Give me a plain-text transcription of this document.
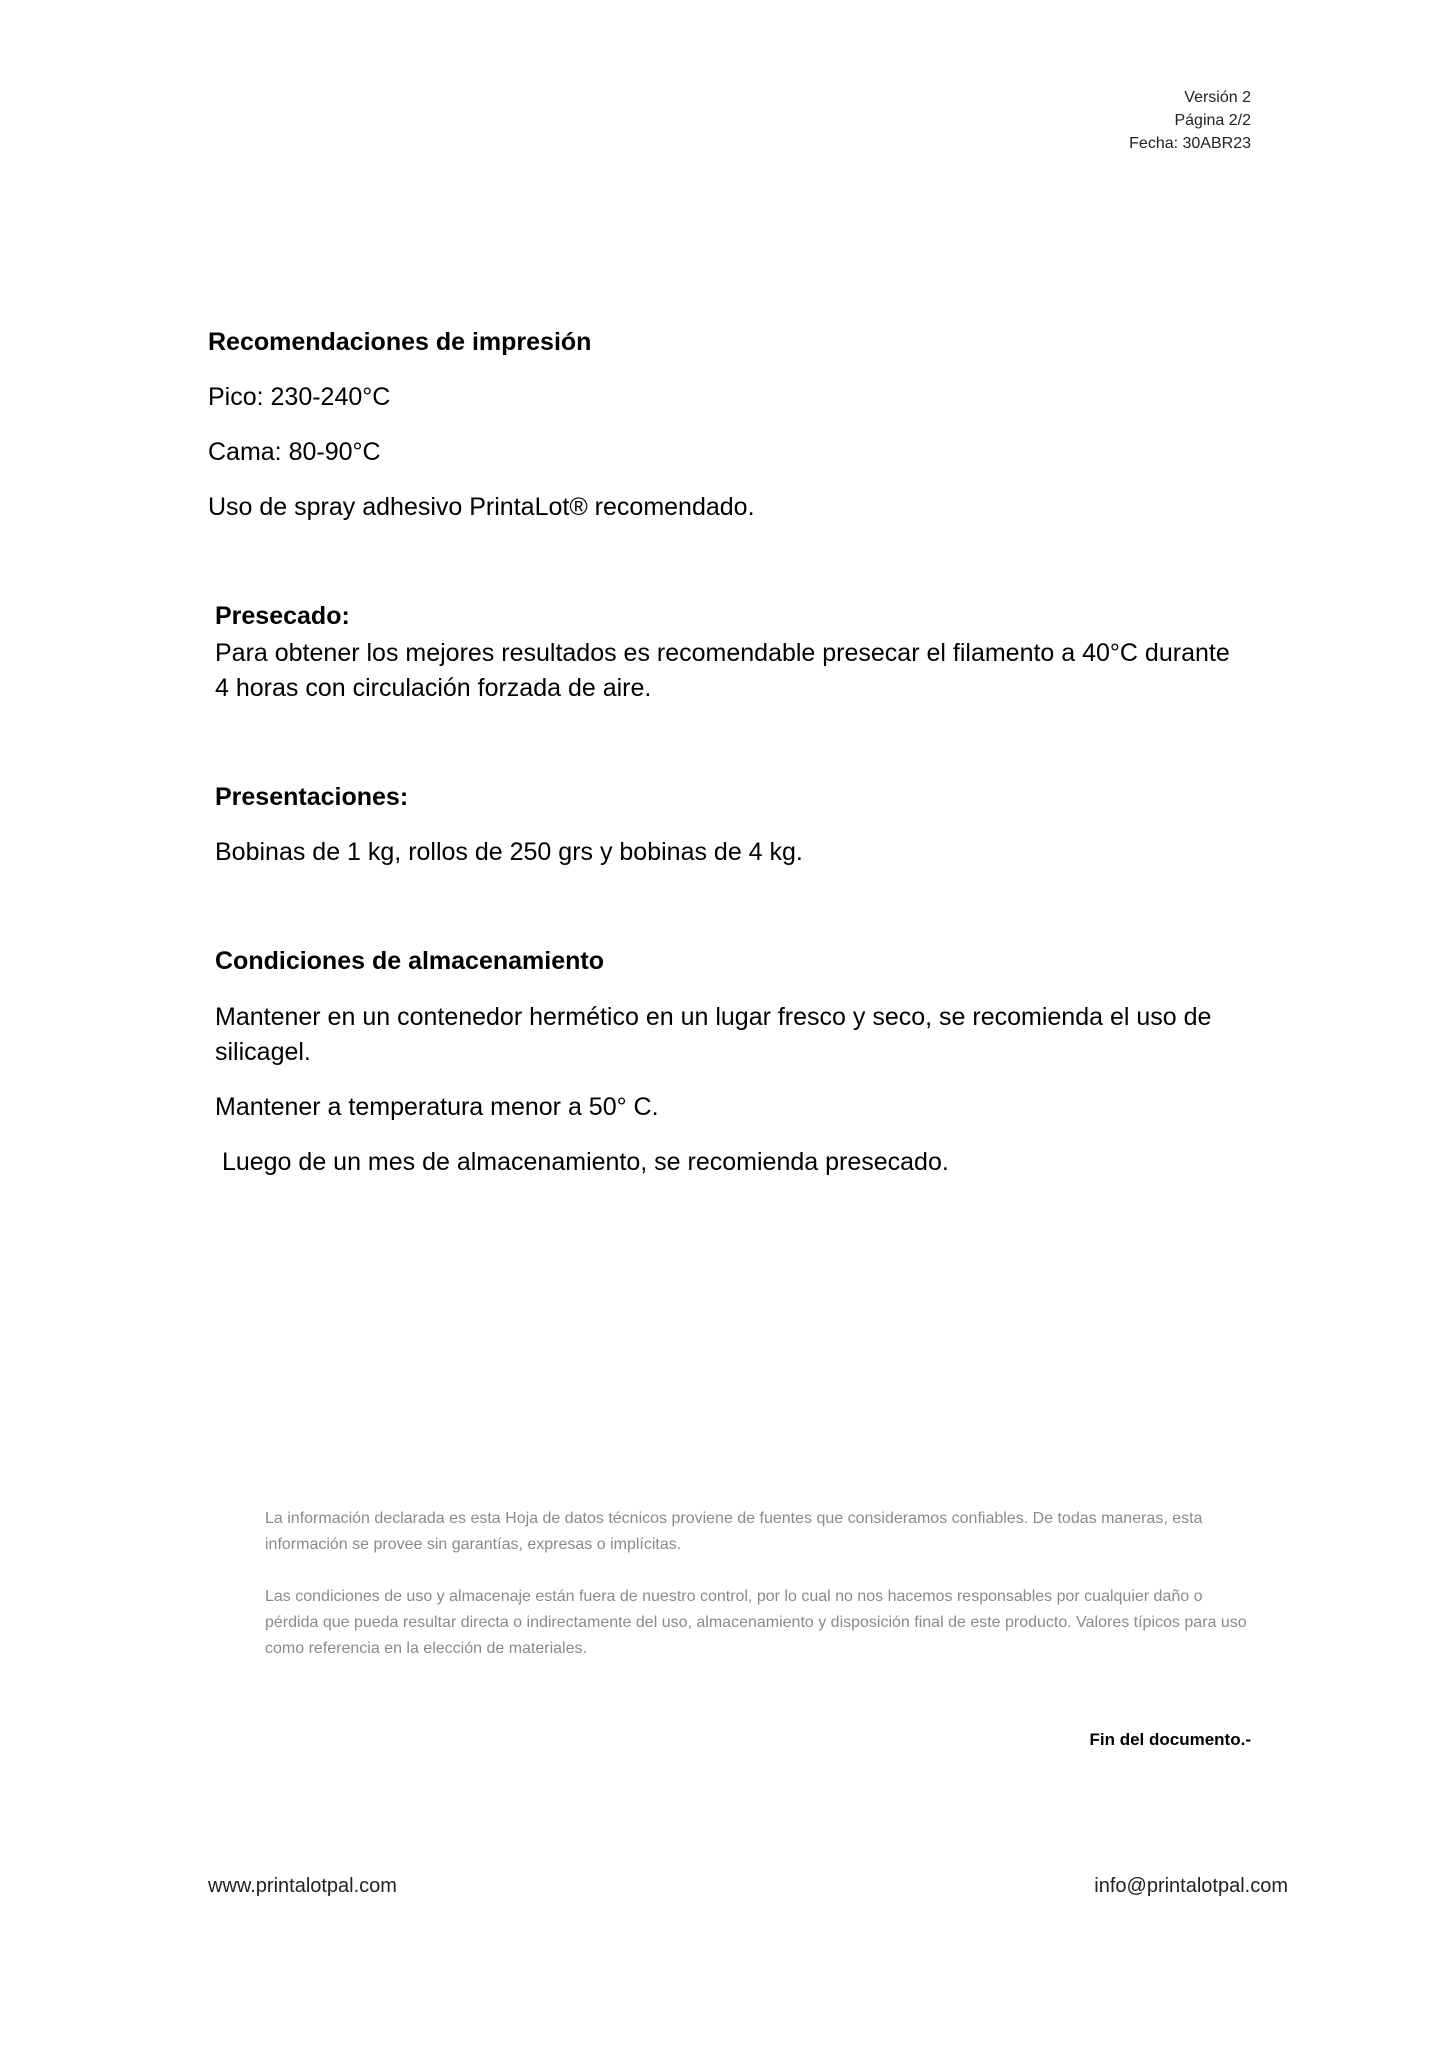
Versión 2
Página 2/2
Fecha: 30ABR23
Recomendaciones de impresión
Pico: 230-240°C
Cama: 80-90°C
Uso de spray adhesivo PrintaLot® recomendado.
Presecado:
Para obtener los mejores resultados es recomendable presecar el filamento a 40°C durante 4 horas con circulación forzada de aire.
Presentaciones:
Bobinas de 1 kg, rollos de 250 grs y bobinas de 4 kg.
Condiciones de almacenamiento
Mantener en un contenedor hermético en un lugar fresco y seco, se recomienda el uso de silicagel.
Mantener a temperatura menor a 50° C.
Luego de un mes de almacenamiento, se recomienda presecado.
La información declarada es esta Hoja de datos técnicos proviene de fuentes que consideramos confiables. De todas maneras, esta información se provee sin garantías, expresas o implícitas.
Las condiciones de uso y almacenaje están fuera de nuestro control, por lo cual no nos hacemos responsables por cualquier daño o pérdida que pueda resultar directa o indirectamente del uso, almacenamiento y disposición final de este producto. Valores típicos para uso como referencia en la elección de materiales.
Fin del documento.-
www.printalotpal.com	info@printalotpal.com
